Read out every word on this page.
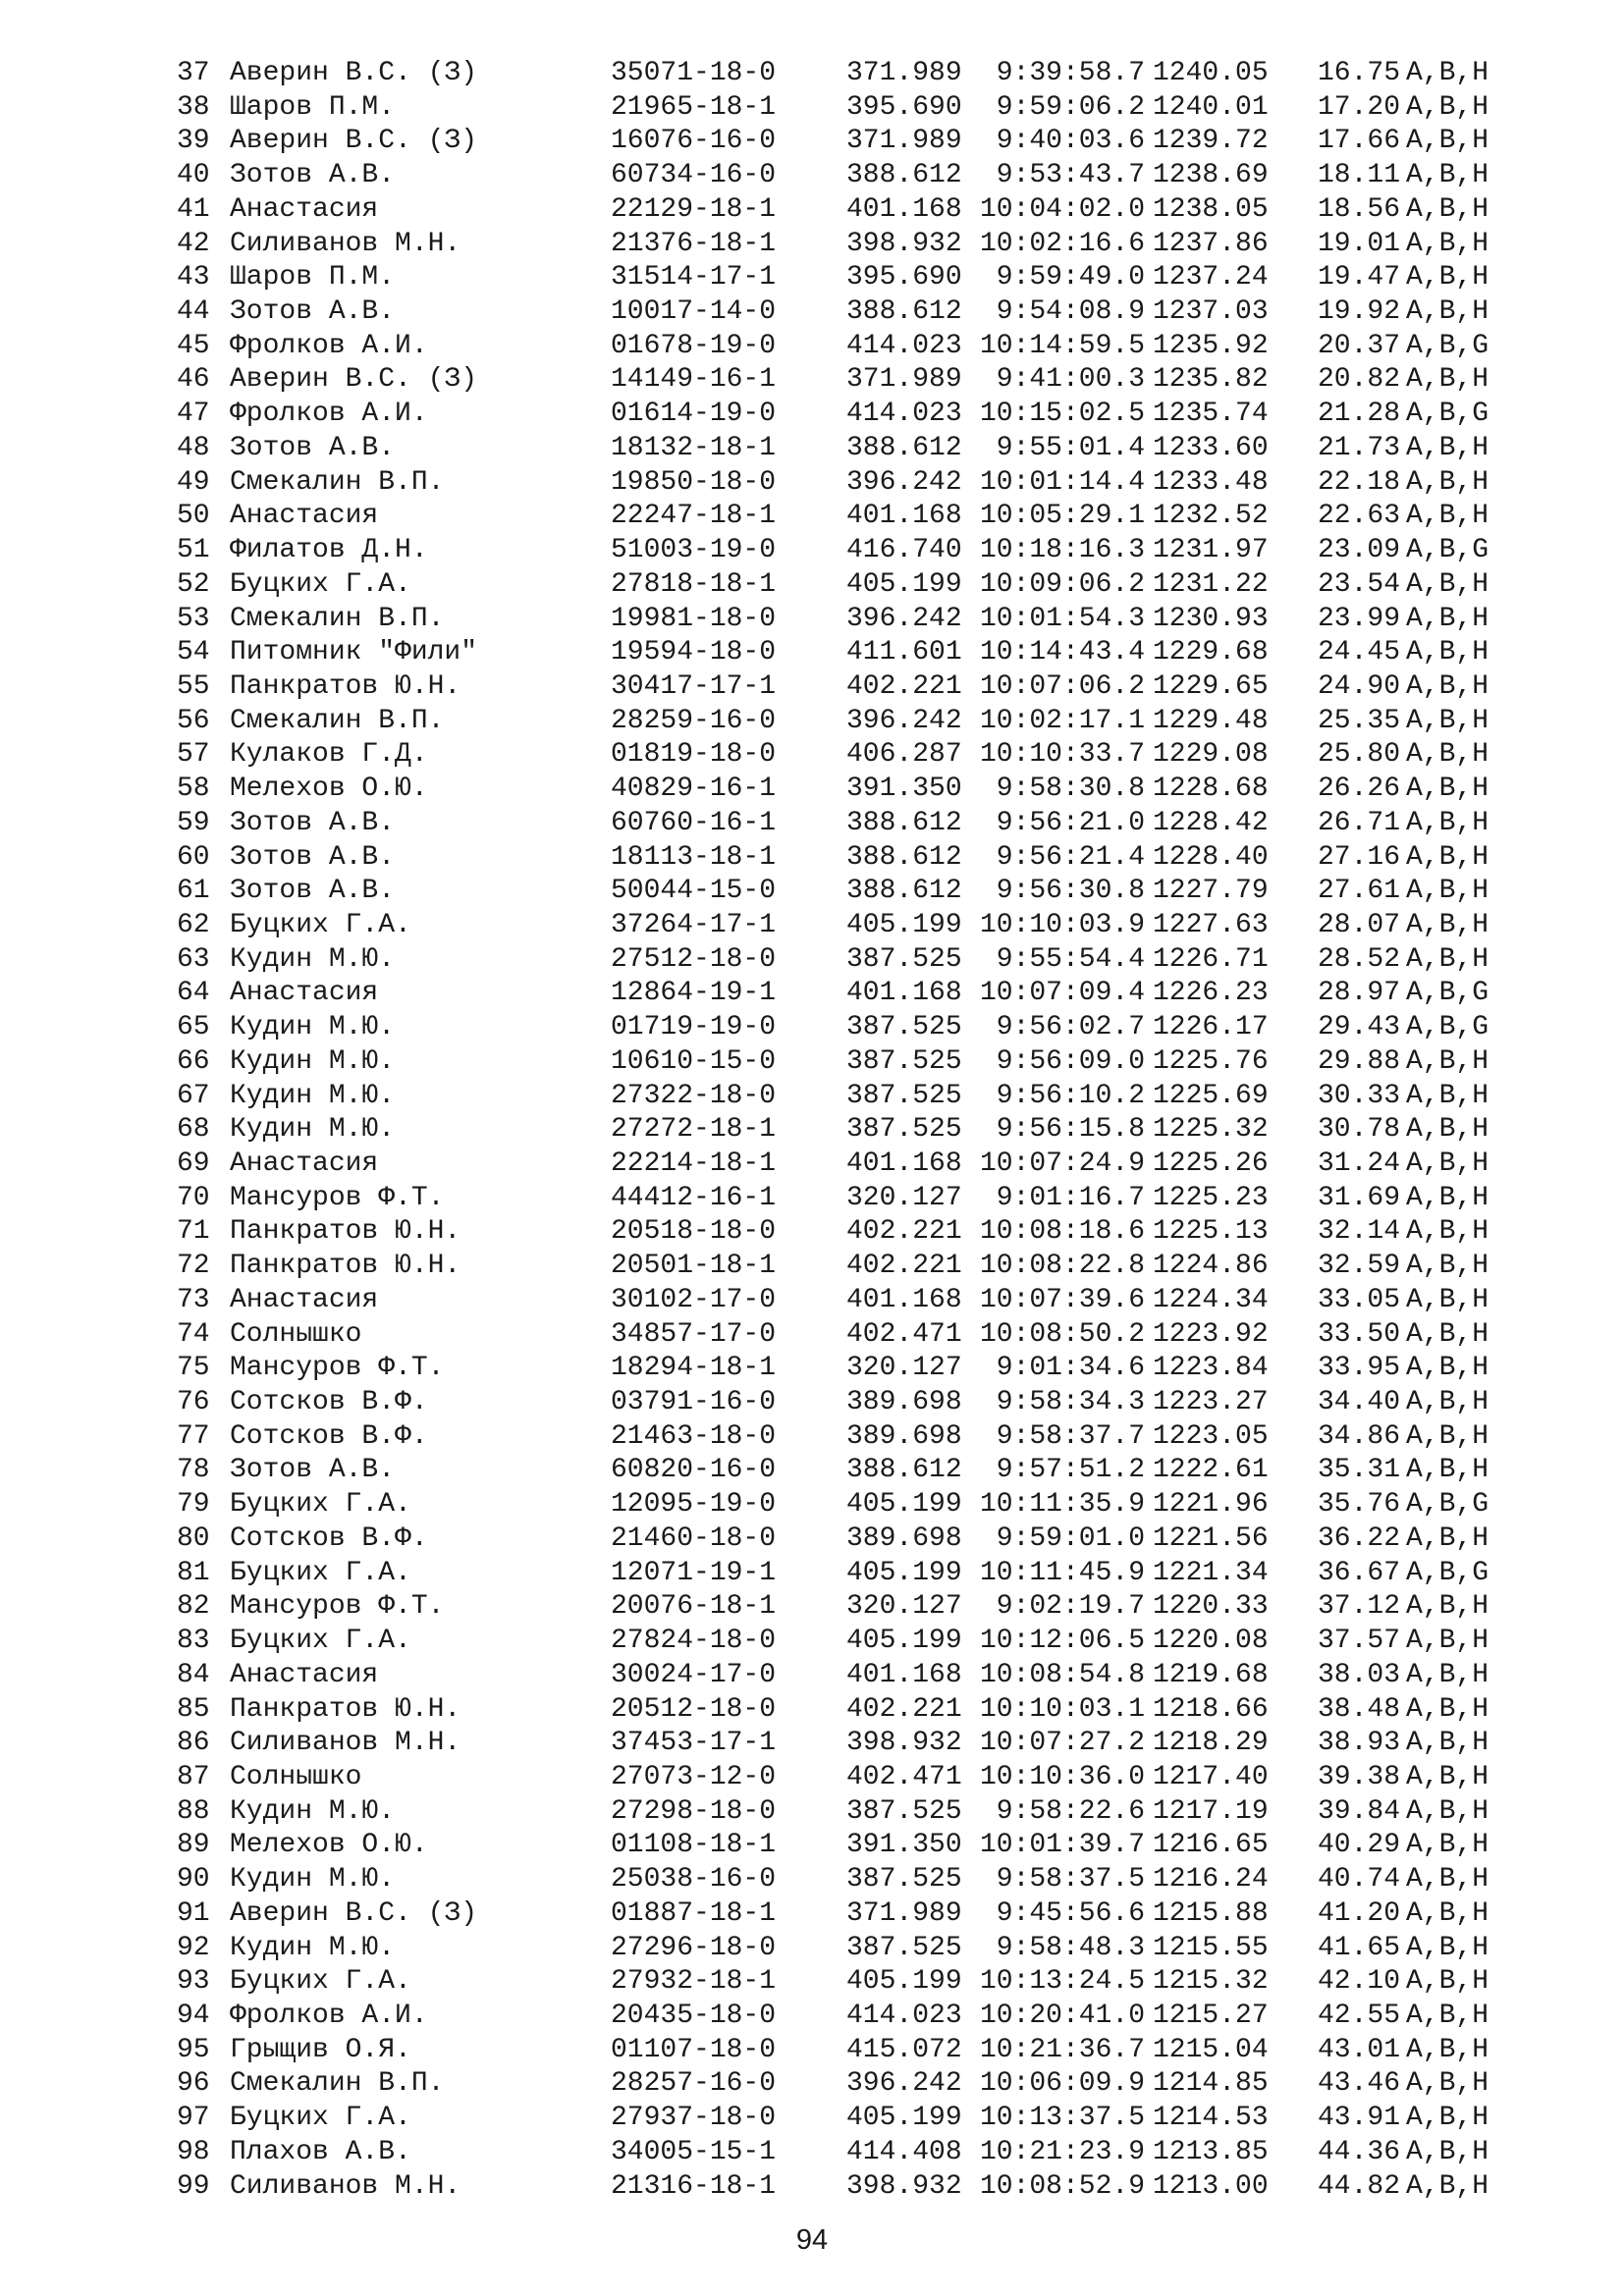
37 Аверин В.С. (З)	35071-18-0	371.989	9:39:58.7 1240.05	16.75 A,B,H
38 Шаров П.М.	21965-18-1	395.690	9:59:06.2 1240.01	17.20 A,B,H
39 Аверин В.С. (З)	16076-16-0	371.989	9:40:03.6 1239.72	17.66 A,B,H
40 Зотов А.В.	60734-16-0	388.612	9:53:43.7 1238.69	18.11 A,B,H
41 Анастасия	22129-18-1	401.168 10:04:02.0 1238.05	18.56 A,B,H
42 Силиванов М.Н.	21376-18-1	398.932 10:02:16.6 1237.86	19.01 A,B,H
43 Шаров П.М.	31514-17-1	395.690	9:59:49.0 1237.24	19.47 A,B,H
44 Зотов А.В.	10017-14-0	388.612	9:54:08.9 1237.03	19.92 A,B,H
45 Фролков А.И.	01678-19-0	414.023 10:14:59.5 1235.92	20.37 A,B,G
46 Аверин В.С. (З)	14149-16-1	371.989	9:41:00.3 1235.82	20.82 A,B,H
47 Фролков А.И.	01614-19-0	414.023 10:15:02.5 1235.74	21.28 A,B,G
48 Зотов А.В.	18132-18-1	388.612	9:55:01.4 1233.60	21.73 A,B,H
49 Смекалин В.П.	19850-18-0	396.242 10:01:14.4 1233.48	22.18 A,B,H
50 Анастасия	22247-18-1	401.168 10:05:29.1 1232.52	22.63 A,B,H
51 Филатов Д.Н.	51003-19-0	416.740 10:18:16.3 1231.97	23.09 A,B,G
52 Буцких Г.А.	27818-18-1	405.199 10:09:06.2 1231.22	23.54 A,B,H
53 Смекалин В.П.	19981-18-0	396.242 10:01:54.3 1230.93	23.99 A,B,H
54 Питомник "Фили"	19594-18-0	411.601 10:14:43.4 1229.68	24.45 A,B,H
55 Панкратов Ю.Н.	30417-17-1	402.221 10:07:06.2 1229.65	24.90 A,B,H
56 Смекалин В.П.	28259-16-0	396.242 10:02:17.1 1229.48	25.35 A,B,H
57 Кулаков Г.Д.	01819-18-0	406.287 10:10:33.7 1229.08	25.80 A,B,H
58 Мелехов О.Ю.	40829-16-1	391.350	9:58:30.8 1228.68	26.26 A,B,H
59 Зотов А.В.	60760-16-1	388.612	9:56:21.0 1228.42	26.71 A,B,H
60 Зотов А.В.	18113-18-1	388.612	9:56:21.4 1228.40	27.16 A,B,H
61 Зотов А.В.	50044-15-0	388.612	9:56:30.8 1227.79	27.61 A,B,H
62 Буцких Г.А.	37264-17-1	405.199 10:10:03.9 1227.63	28.07 A,B,H
63 Кудин М.Ю.	27512-18-0	387.525	9:55:54.4 1226.71	28.52 A,B,H
64 Анастасия	12864-19-1	401.168 10:07:09.4 1226.23	28.97 A,B,G
65 Кудин М.Ю.	01719-19-0	387.525	9:56:02.7 1226.17	29.43 A,B,G
66 Кудин М.Ю.	10610-15-0	387.525	9:56:09.0 1225.76	29.88 A,B,H
67 Кудин М.Ю.	27322-18-0	387.525	9:56:10.2 1225.69	30.33 A,B,H
68 Кудин М.Ю.	27272-18-1	387.525	9:56:15.8 1225.32	30.78 A,B,H
69 Анастасия	22214-18-1	401.168 10:07:24.9 1225.26	31.24 A,B,H
70 Мансуров Ф.Т.	44412-16-1	320.127	9:01:16.7 1225.23	31.69 A,B,H
71 Панкратов Ю.Н.	20518-18-0	402.221 10:08:18.6 1225.13	32.14 A,B,H
72 Панкратов Ю.Н.	20501-18-1	402.221 10:08:22.8 1224.86	32.59 A,B,H
73 Анастасия	30102-17-0	401.168 10:07:39.6 1224.34	33.05 A,B,H
74 Солнышко	34857-17-0	402.471 10:08:50.2 1223.92	33.50 A,B,H
75 Мансуров Ф.Т.	18294-18-1	320.127	9:01:34.6 1223.84	33.95 A,B,H
76 Сотсков В.Ф.	03791-16-0	389.698	9:58:34.3 1223.27	34.40 A,B,H
77 Сотсков В.Ф.	21463-18-0	389.698	9:58:37.7 1223.05	34.86 A,B,H
78 Зотов А.В.	60820-16-0	388.612	9:57:51.2 1222.61	35.31 A,B,H
79 Буцких Г.А.	12095-19-0	405.199 10:11:35.9 1221.96	35.76 A,B,G
80 Сотсков В.Ф.	21460-18-0	389.698	9:59:01.0 1221.56	36.22 A,B,H
81 Буцких Г.А.	12071-19-1	405.199 10:11:45.9 1221.34	36.67 A,B,G
82 Мансуров Ф.Т.	20076-18-1	320.127	9:02:19.7 1220.33	37.12 A,B,H
83 Буцких Г.А.	27824-18-0	405.199 10:12:06.5 1220.08	37.57 A,B,H
84 Анастасия	30024-17-0	401.168 10:08:54.8 1219.68	38.03 A,B,H
85 Панкратов Ю.Н.	20512-18-0	402.221 10:10:03.1 1218.66	38.48 A,B,H
86 Силиванов М.Н.	37453-17-1	398.932 10:07:27.2 1218.29	38.93 A,B,H
87 Солнышко	27073-12-0	402.471 10:10:36.0 1217.40	39.38 A,B,H
88 Кудин М.Ю.	27298-18-0	387.525	9:58:22.6 1217.19	39.84 A,B,H
89 Мелехов О.Ю.	01108-18-1	391.350 10:01:39.7 1216.65	40.29 A,B,H
90 Кудин М.Ю.	25038-16-0	387.525	9:58:37.5 1216.24	40.74 A,B,H
91 Аверин В.С. (З)	01887-18-1	371.989	9:45:56.6 1215.88	41.20 A,B,H
92 Кудин М.Ю.	27296-18-0	387.525	9:58:48.3 1215.55	41.65 A,B,H
93 Буцких Г.А.	27932-18-1	405.199 10:13:24.5 1215.32	42.10 A,B,H
94 Фролков А.И.	20435-18-0	414.023 10:20:41.0 1215.27	42.55 A,B,H
95 Грыщив О.Я.	01107-18-0	415.072 10:21:36.7 1215.04	43.01 A,B,H
96 Смекалин В.П.	28257-16-0	396.242 10:06:09.9 1214.85	43.46 A,B,H
97 Буцких Г.А.	27937-18-0	405.199 10:13:37.5 1214.53	43.91 A,B,H
98 Плахов А.В.	34005-15-1	414.408 10:21:23.9 1213.85	44.36 A,B,H
99 Силиванов М.Н.	21316-18-1	398.932 10:08:52.9 1213.00	44.82 A,B,H
94
